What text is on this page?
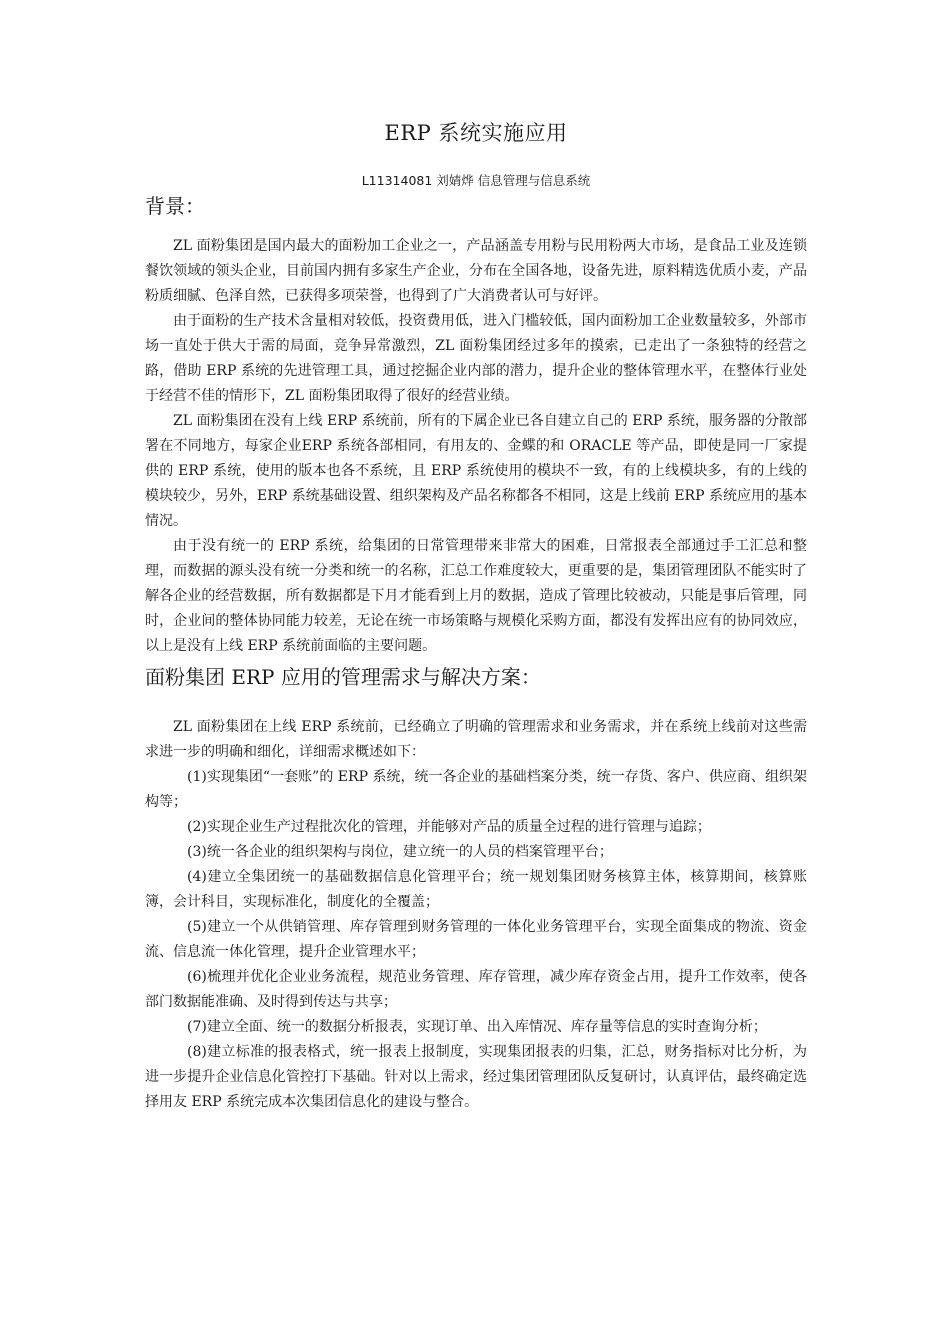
ERP 系统实施应用

L11314081 刘婧烨 信息管理与信息系统

背景：

ZL 面粉集团是国内最大的面粉加工企业之一，产品涵盖专用粉与民用粉两大市场，是食品工业及连锁餐饮领域的领头企业，目前国内拥有多家生产企业，分布在全国各地，设备先进，原料精选优质小麦，产品粉质细腻、色泽自然，已获得多项荣誉，也得到了广大消费者认可与好评。

由于面粉的生产技术含量相对较低，投资费用低，进入门槛较低，国内面粉加工企业数量较多，外部市场一直处于供大于需的局面，竞争异常激烈，ZL 面粉集团经过多年的摸索，已走出了一条独特的经营之路，借助 ERP 系统的先进管理工具，通过挖掘企业内部的潜力，提升企业的整体管理水平，在整体行业处于经营不佳的情形下，ZL 面粉集团取得了很好的经营业绩。

ZL 面粉集团在没有上线 ERP 系统前，所有的下属企业已各自建立自己的 ERP 系统，服务器的分散部署在不同地方，每家企业ERP 系统各部相同，有用友的、金蝶的和 ORACLE 等产品，即使是同一厂家提供的 ERP 系统，使用的版本也各不系统，且 ERP 系统使用的模块不一致，有的上线模块多，有的上线的模块较少，另外，ERP 系统基础设置、组织架构及产品名称都各不相同，这是上线前 ERP 系统应用的基本情况。

由于没有统一的 ERP 系统，给集团的日常管理带来非常大的困难，日常报表全部通过手工汇总和整理，而数据的源头没有统一分类和统一的名称，汇总工作难度较大，更重要的是，集团管理团队不能实时了解各企业的经营数据，所有数据都是下月才能看到上月的数据，造成了管理比较被动，只能是事后管理，同时，企业间的整体协同能力较差，无论在统一市场策略与规模化采购方面，都没有发挥出应有的协同效应，以上是没有上线 ERP 系统前面临的主要问题。

面粉集团 ERP 应用的管理需求与解决方案：

ZL 面粉集团在上线 ERP 系统前，已经确立了明确的管理需求和业务需求，并在系统上线前对这些需求进一步的明确和细化，详细需求概述如下：

(1)实现集团“一套账”的 ERP 系统，统一各企业的基础档案分类，统一存货、客户、供应商、组织架构等；
(2)实现企业生产过程批次化的管理，并能够对产品的质量全过程的进行管理与追踪；
(3)统一各企业的组织架构与岗位，建立统一的人员的档案管理平台；
(4)建立全集团统一的基础数据信息化管理平台；统一规划集团财务核算主体，核算期间，核算账簿，会计科目，实现标准化，制度化的全覆盖；
(5)建立一个从供销管理、库存管理到财务管理的一体化业务管理平台，实现全面集成的物流、资金流、信息流一体化管理，提升企业管理水平；
(6)梳理并优化企业业务流程，规范业务管理、库存管理，减少库存资金占用，提升工作效率，使各部门数据能准确、及时得到传达与共享；
(7)建立全面、统一的数据分析报表，实现订单、出入库情况、库存量等信息的实时查询分析；
(8)建立标准的报表格式，统一报表上报制度，实现集团报表的归集，汇总，财务指标对比分析，为进一步提升企业信息化管控打下基础。针对以上需求，经过集团管理团队反复研讨，认真评估，最终确定选择用友 ERP 系统完成本次集团信息化的建设与整合。
